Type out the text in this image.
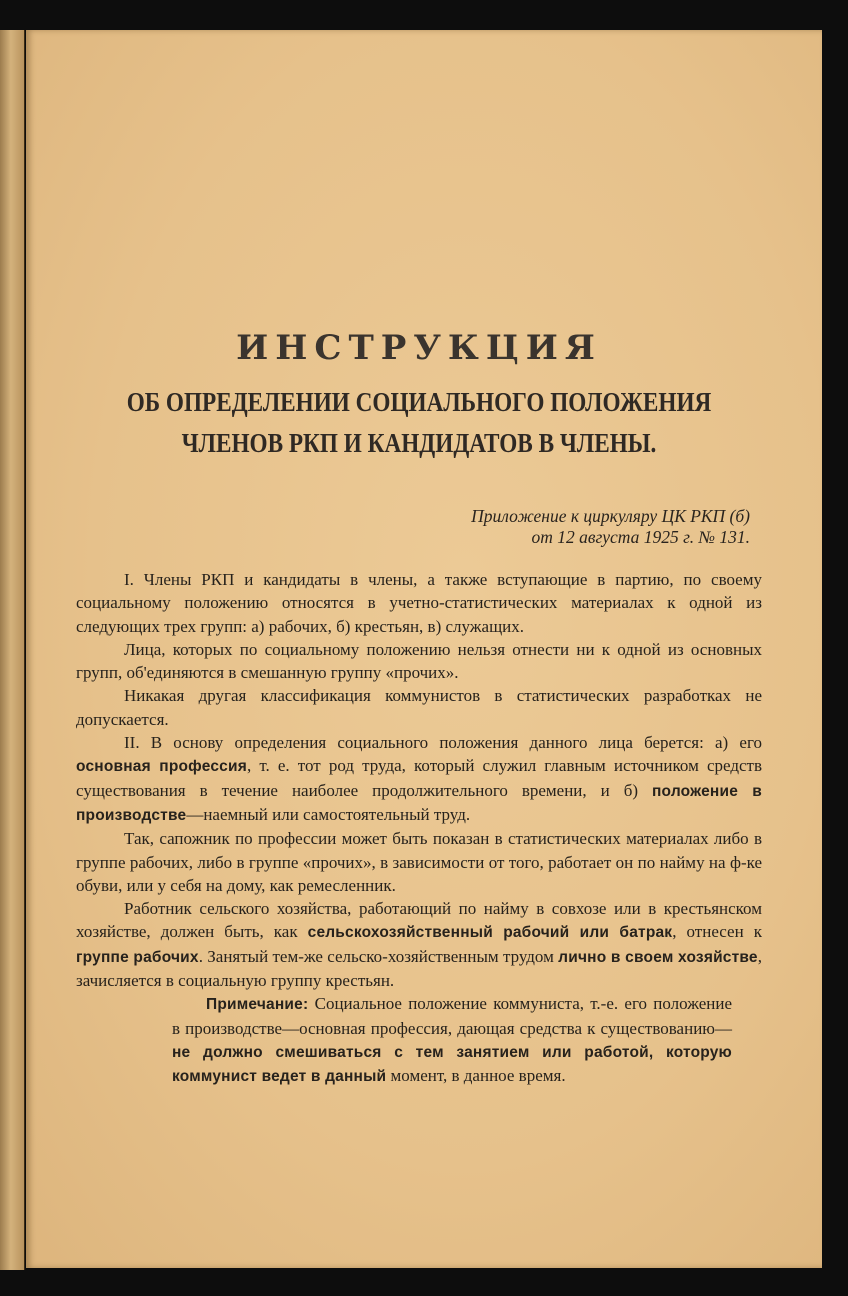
ИНСТРУКЦИЯ
ОБ ОПРЕДЕЛЕНИИ СОЦИАЛЬНОГО ПОЛОЖЕНИЯ
ЧЛЕНОВ РКП И КАНДИДАТОВ В ЧЛЕНЫ.
Приложение к циркуляру ЦК РКП (б)
от 12 августа 1925 г. № 131.

I. Члены РКП и кандидаты в члены, а также вступающие в партию, по своему социальному положению относятся в учетно-статистических материалах к одной из следующих трех групп: а) рабочих, б) крестьян, в) служащих.

Лица, которых по социальному положению нельзя отнести ни к одной из основных групп, об'единяются в смешанную группу «прочих».

Никакая другая классификация коммунистов в статистических разработках не допускается.

II. В основу определения социального положения данного лица берется: а) его основная профессия, т. е. тот род труда, который служил главным источником средств существования в течение наиболее продолжительного времени, и б) положение в производстве—наемный или самостоятельный труд.

Так, сапожник по профессии может быть показан в статистических материалах либо в группе рабочих, либо в группе «прочих», в зависимости от того, работает он по найму на ф-ке обуви, или у себя на дому, как ремесленник.

Работник сельского хозяйства, работающий по найму в совхозе или в крестьянском хозяйстве, должен быть, как сельскохозяйственный рабочий или батрак, отнесен к группе рабочих. Занятый тем-же сельско-хозяйственным трудом лично в своем хозяйстве, зачисляется в социальную группу крестьян.

Примечание: Социальное положение коммуниста, т.-е. его положение в производстве—основная профессия, дающая средства к существованию—не должно смешиваться с тем занятием или работой, которую коммунист ведет в данный момент, в данное время.
